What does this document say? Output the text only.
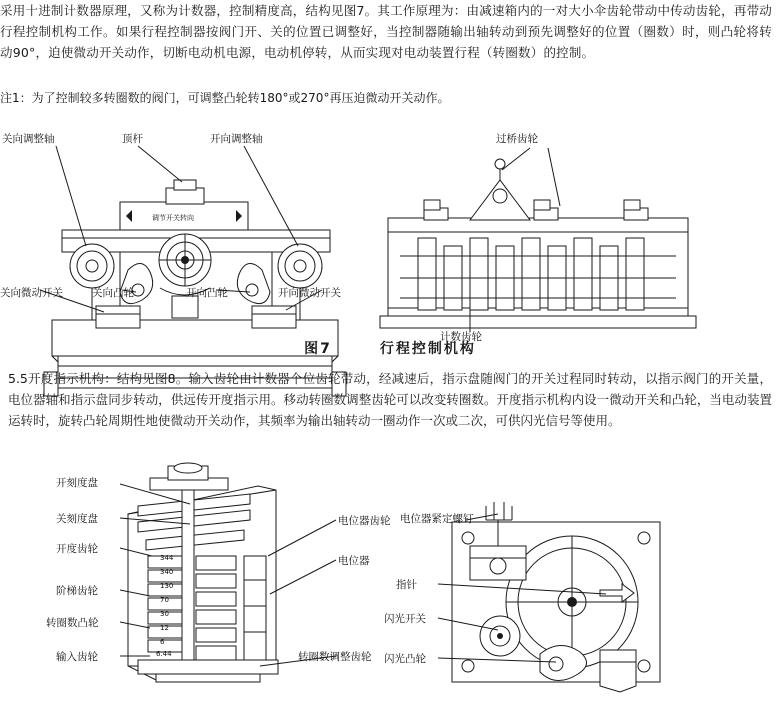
采用十进制计数器原理，又称为计数器，控制精度高，结构见图7。其工作原理为：由减速箱内的一对大小伞齿轮带动中传动齿轮，再带动行程控制机构工作。如果行程控制器按阀门开、关的位置已调整好，当控制器随输出轴转动到预先调整好的位置（圈数）时，则凸轮将转动90°，迫使微动开关动作，切断电动机电源，电动机停转，从而实现对电动装置行程（转圈数）的控制。

注1：为了控制较多转圈数的阀门，可调整凸轮转180°或270°再压迫微动开关动作。
调节开关转向
关向调整轴	顶杆	开向调整轴	过桥齿轮
关向微动开关	关向凸轮	开向凸轮	开向微动开关
计数齿轮
图7　　　行程控制机构
5.5开度指示机构：结构见图8。输入齿轮由计数器个位齿轮带动，经减速后，指示盘随阀门的开关过程同时转动，以指示阀门的开关量，电位器轴和指示盘同步转动，供远传开度指示用。移动转圈数调整齿轮可以改变转圈数。开度指示机构内设一微动开关和凸轮，当电动装置运转时，旋转凸轮周期性地使微动开关动作，其频率为输出轴转动一圈动作一次或二次，可供闪光信号等使用。
344
340
130
70
30
12
6
6.44
开刻度盘
关刻度盘
开度齿轮
阶梯齿轮
转圈数凸轮
输入齿轮
电位器齿轮
电位器
转圈数调整齿轮
电位器紧定螺钉
指针
闪光开关
闪光凸轮
